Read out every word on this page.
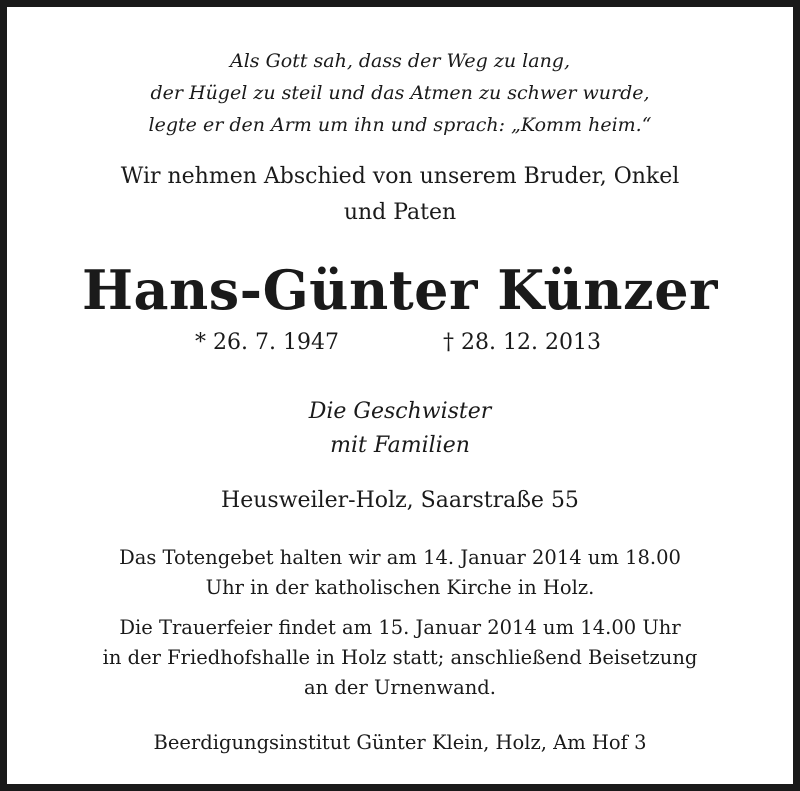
Als Gott sah, dass der Weg zu lang,
der Hügel zu steil und das Atmen zu schwer wurde,
legte er den Arm um ihn und sprach: „Komm heim.“
Wir nehmen Abschied von unserem Bruder, Onkel
und Paten
Hans-Günter Künzer
* 26. 7. 1947	† 28. 12. 2013
Die Geschwister
mit Familien
Heusweiler-Holz, Saarstraße 55
Das Totengebet halten wir am 14. Januar 2014 um 18.00
Uhr in der katholischen Kirche in Holz.
Die Trauerfeier findet am 15. Januar 2014 um 14.00 Uhr
in der Friedhofshalle in Holz statt; anschließend Beisetzung
an der Urnenwand.
Beerdigungsinstitut Günter Klein, Holz, Am Hof 3
